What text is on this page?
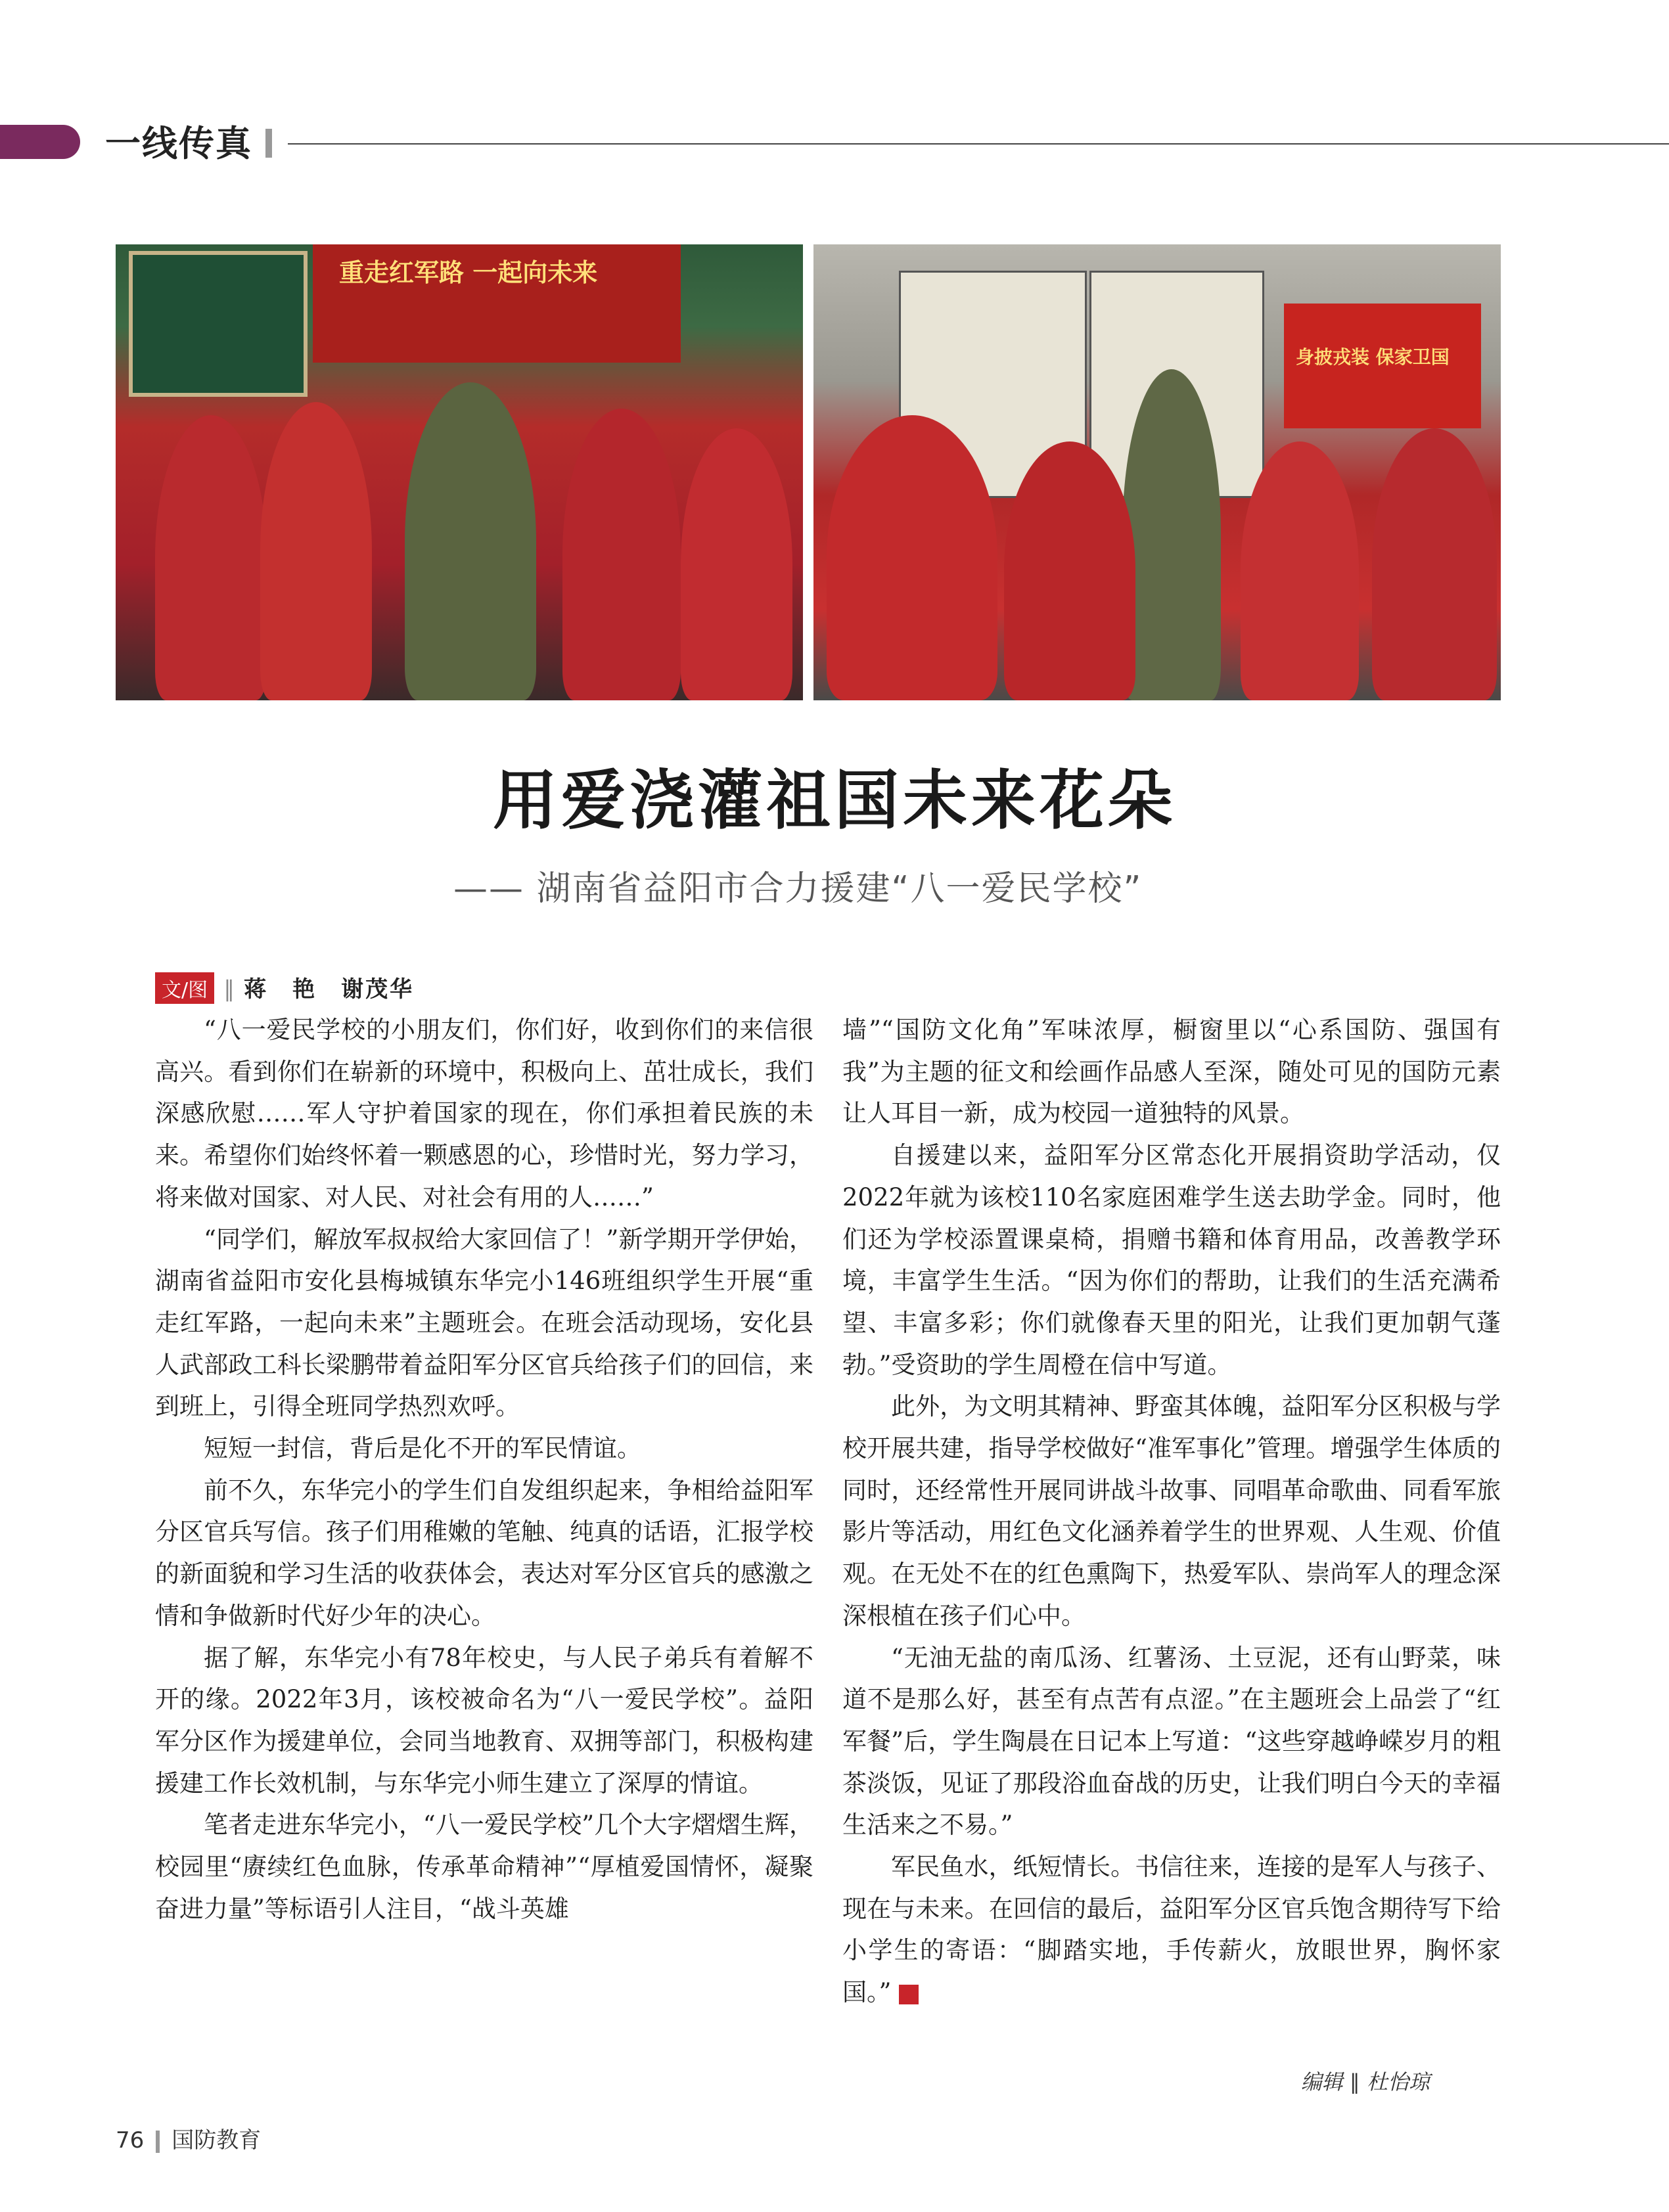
一线传真
重走红军路 一起向未来
身披戎装 保家卫国
用爱浇灌祖国未来花朵
—— 湖南省益阳市合力援建“八一爱民学校”
文/图 ∥ 蒋　艳　谢茂华

“八一爱民学校的小朋友们，你们好，收到你们的来信很高兴。看到你们在崭新的环境中，积极向上、茁壮成长，我们深感欣慰……军人守护着国家的现在，你们承担着民族的未来。希望你们始终怀着一颗感恩的心，珍惜时光，努力学习，将来做对国家、对人民、对社会有用的人……”

“同学们，解放军叔叔给大家回信了！”新学期开学伊始，湖南省益阳市安化县梅城镇东华完小146班组织学生开展“重走红军路，一起向未来”主题班会。在班会活动现场，安化县人武部政工科长梁鹏带着益阳军分区官兵给孩子们的回信，来到班上，引得全班同学热烈欢呼。

短短一封信，背后是化不开的军民情谊。

前不久，东华完小的学生们自发组织起来，争相给益阳军分区官兵写信。孩子们用稚嫩的笔触、纯真的话语，汇报学校的新面貌和学习生活的收获体会，表达对军分区官兵的感激之情和争做新时代好少年的决心。

据了解，东华完小有78年校史，与人民子弟兵有着解不开的缘。2022年3月，该校被命名为“八一爱民学校”。益阳军分区作为援建单位，会同当地教育、双拥等部门，积极构建援建工作长效机制，与东华完小师生建立了深厚的情谊。

笔者走进东华完小，“八一爱民学校”几个大字熠熠生辉，校园里“赓续红色血脉，传承革命精神”“厚植爱国情怀，凝聚奋进力量”等标语引人注目，“战斗英雄

墙”“国防文化角”军味浓厚，橱窗里以“心系国防、强国有我”为主题的征文和绘画作品感人至深，随处可见的国防元素让人耳目一新，成为校园一道独特的风景。

自援建以来，益阳军分区常态化开展捐资助学活动，仅2022年就为该校110名家庭困难学生送去助学金。同时，他们还为学校添置课桌椅，捐赠书籍和体育用品，改善教学环境，丰富学生生活。“因为你们的帮助，让我们的生活充满希望、丰富多彩；你们就像春天里的阳光，让我们更加朝气蓬勃。”受资助的学生周橙在信中写道。

此外，为文明其精神、野蛮其体魄，益阳军分区积极与学校开展共建，指导学校做好“准军事化”管理。增强学生体质的同时，还经常性开展同讲战斗故事、同唱革命歌曲、同看军旅影片等活动，用红色文化涵养着学生的世界观、人生观、价值观。在无处不在的红色熏陶下，热爱军队、崇尚军人的理念深深根植在孩子们心中。

“无油无盐的南瓜汤、红薯汤、土豆泥，还有山野菜，味道不是那么好，甚至有点苦有点涩。”在主题班会上品尝了“红军餐”后，学生陶晨在日记本上写道：“这些穿越峥嵘岁月的粗茶淡饭，见证了那段浴血奋战的历史，让我们明白今天的幸福生活来之不易。”

军民鱼水，纸短情长。书信往来，连接的是军人与孩子、现在与未来。在回信的最后，益阳军分区官兵饱含期待写下给小学生的寄语：“脚踏实地，手传薪火，放眼世界，胸怀家国。”	G

编辑 ∥ 杜怡琼
76 国防教育
